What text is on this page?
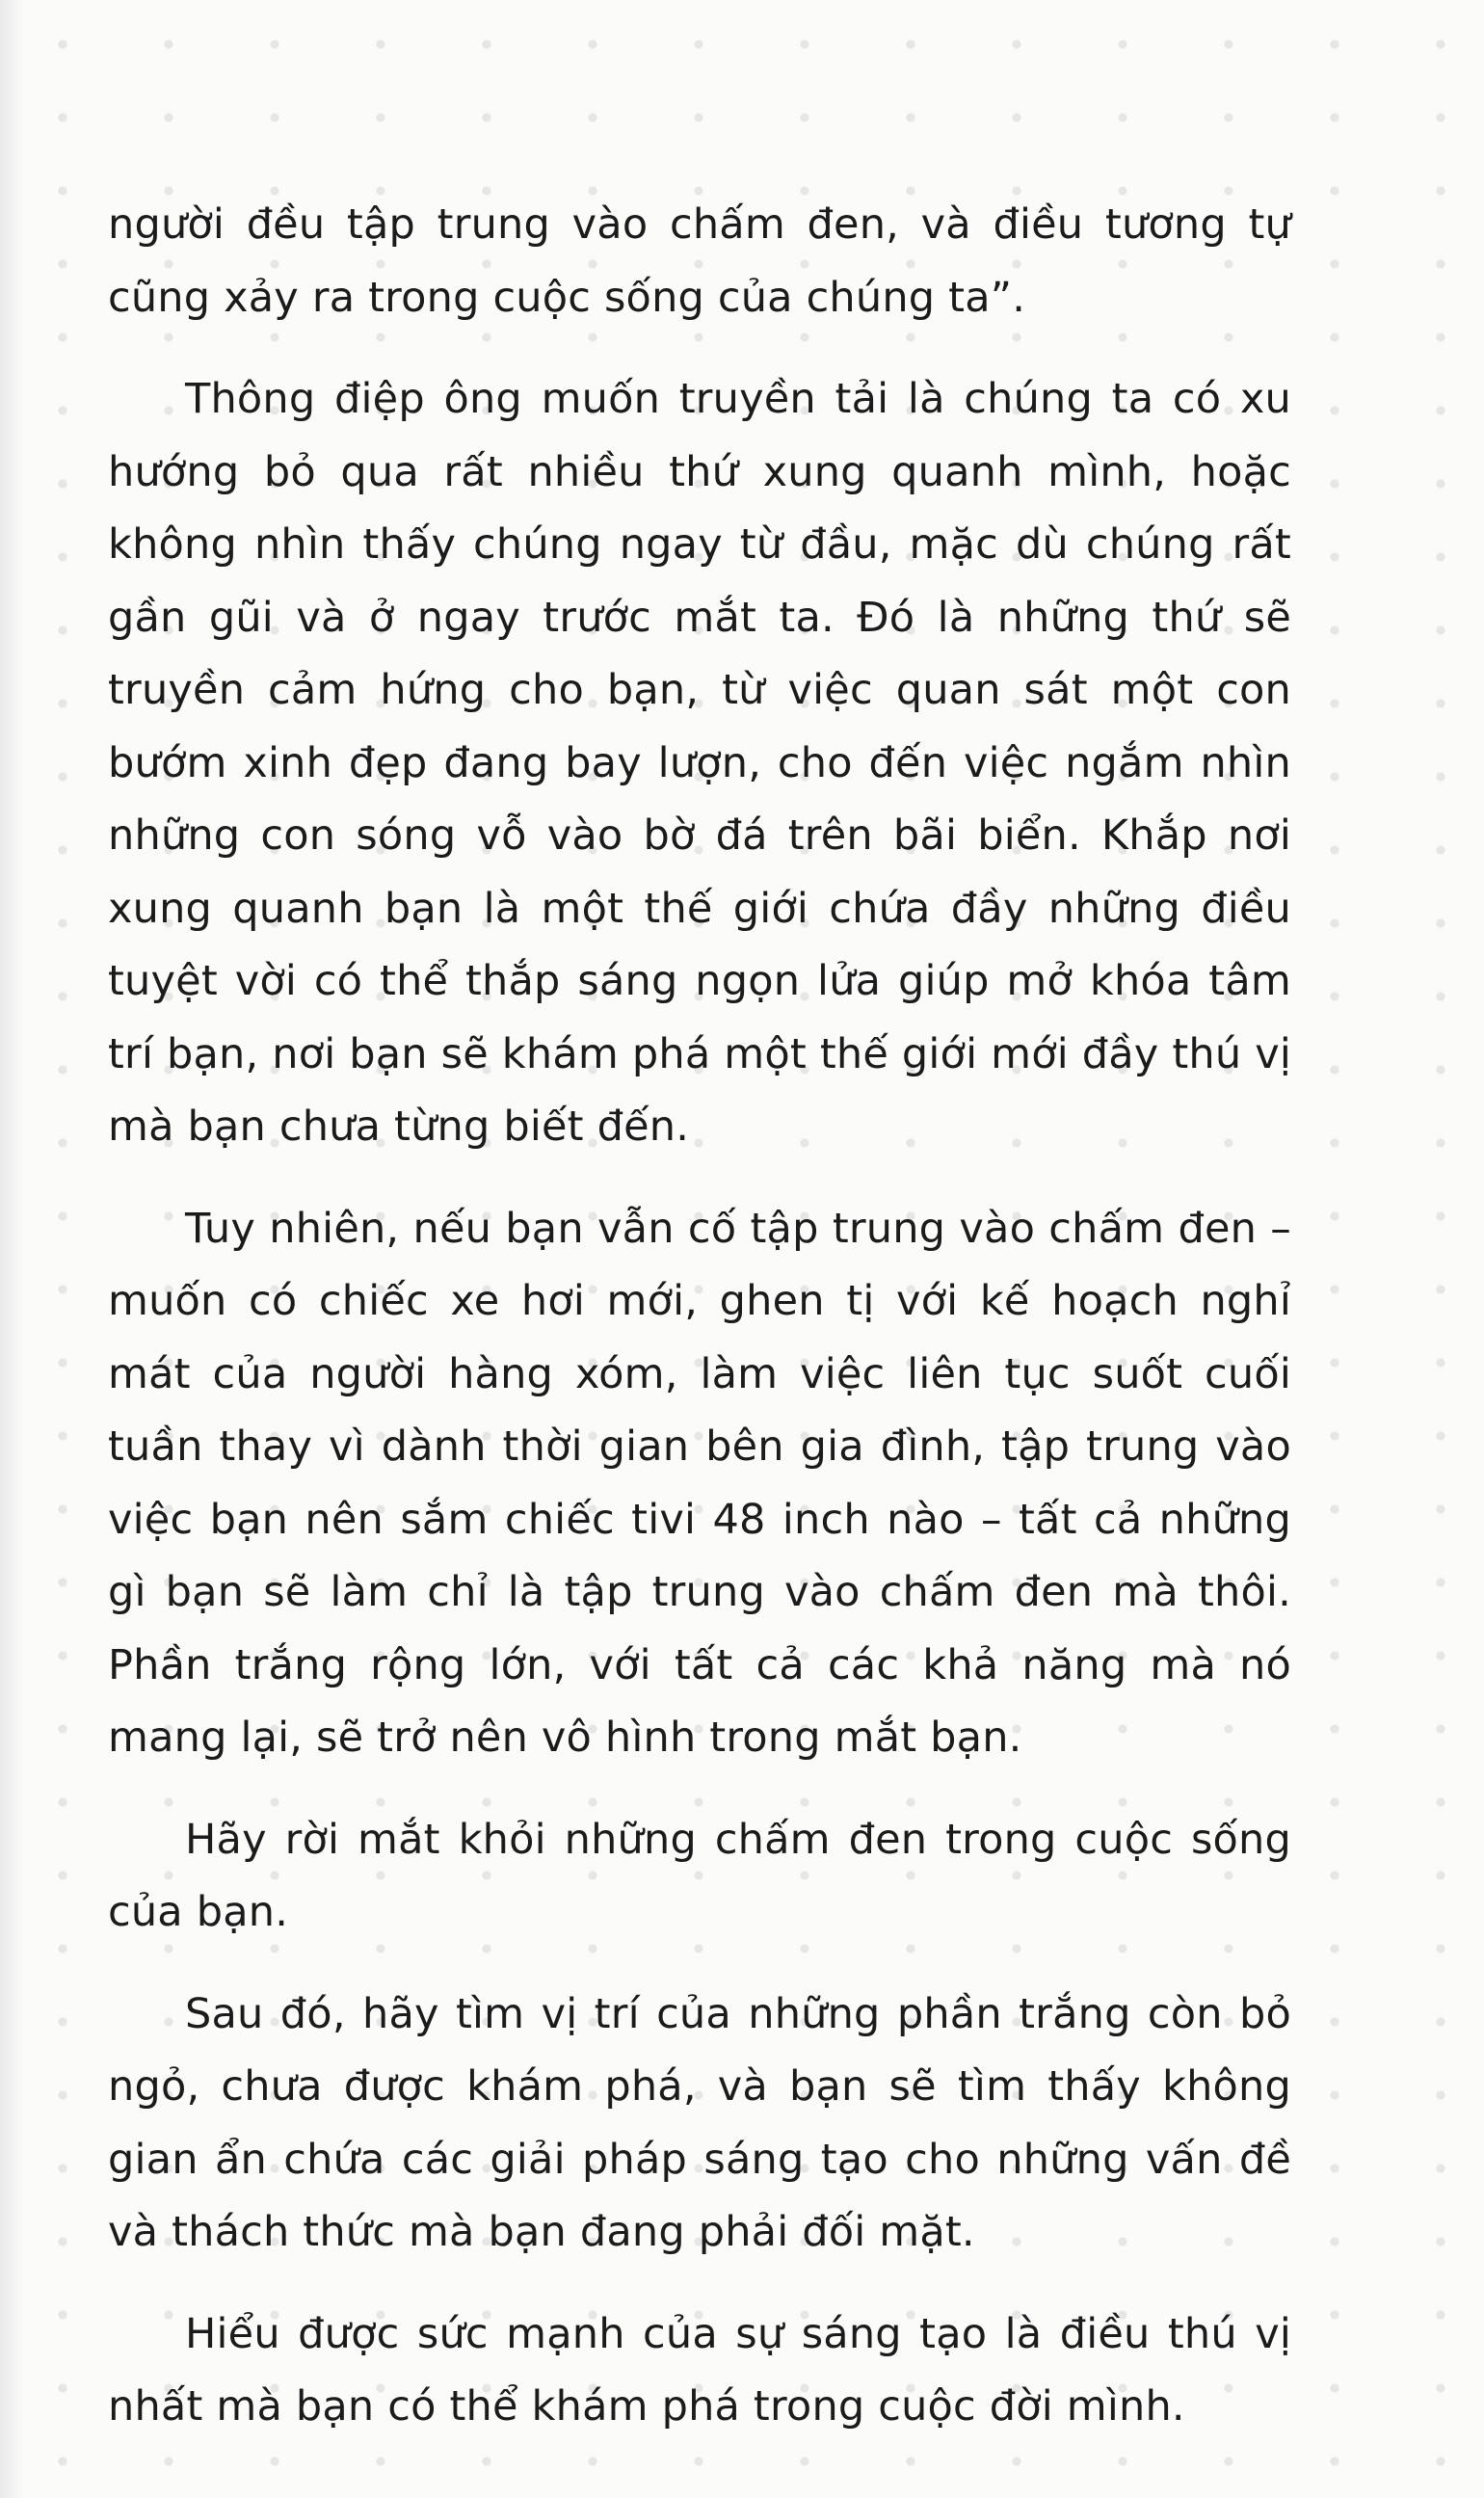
người đều tập trung vào chấm đen, và điều tương tự cũng xảy ra trong cuộc sống của chúng ta”.

Thông điệp ông muốn truyền tải là chúng ta có xu hướng bỏ qua rất nhiều thứ xung quanh mình, hoặc không nhìn thấy chúng ngay từ đầu, mặc dù chúng rất gần gũi và ở ngay trước mắt ta. Đó là những thứ sẽ truyền cảm hứng cho bạn, từ việc quan sát một con bướm xinh đẹp đang bay lượn, cho đến việc ngắm nhìn những con sóng vỗ vào bờ đá trên bãi biển. Khắp nơi xung quanh bạn là một thế giới chứa đầy những điều tuyệt vời có thể thắp sáng ngọn lửa giúp mở khóa tâm trí bạn, nơi bạn sẽ khám phá một thế giới mới đầy thú vị mà bạn chưa từng biết đến.

Tuy nhiên, nếu bạn vẫn cố tập trung vào chấm đen – muốn có chiếc xe hơi mới, ghen tị với kế hoạch nghỉ mát của người hàng xóm, làm việc liên tục suốt cuối tuần thay vì dành thời gian bên gia đình, tập trung vào việc bạn nên sắm chiếc tivi 48 inch nào – tất cả những gì bạn sẽ làm chỉ là tập trung vào chấm đen mà thôi. Phần trắng rộng lớn, với tất cả các khả năng mà nó mang lại, sẽ trở nên vô hình trong mắt bạn.

Hãy rời mắt khỏi những chấm đen trong cuộc sống của bạn.

Sau đó, hãy tìm vị trí của những phần trắng còn bỏ ngỏ, chưa được khám phá, và bạn sẽ tìm thấy không gian ẩn chứa các giải pháp sáng tạo cho những vấn đề và thách thức mà bạn đang phải đối mặt.

Hiểu được sức mạnh của sự sáng tạo là điều thú vị nhất mà bạn có thể khám phá trong cuộc đời mình.
